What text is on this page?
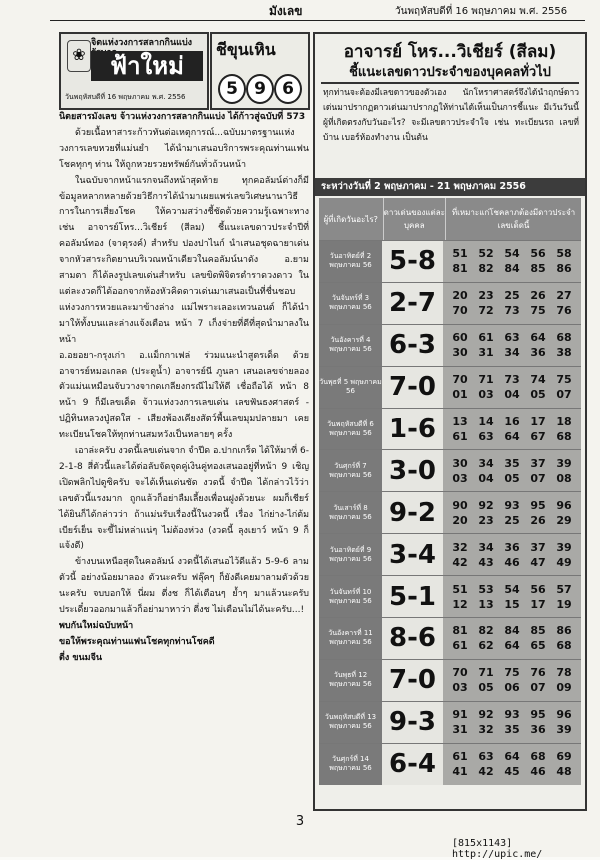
มังเลข	วันพฤหัสบดีที่ 16 พฤษภาคม พ.ศ. 2556
❀
จิตแห่งวงการสลากกินแบ่ง
ฟ้าใหม่
วันพฤหัสบดีที่ 16 พฤษภาคม พ.ศ. 2556
ชีขุนเหิน
5 9 6

นิตยสารมังเลข จ้าวแห่งวงการสลากกินแบ่ง ได้ก้าวสู่ฉบับที่ 573

ด้วยเนื้อหาสาระก้าวทันต่อเหตุการณ์...ฉบับมาตรฐานแห่งวงการเลขหวยที่แม่นยำ ได้นำมาเสนอบริการพระคุณท่านแฟนโชคทุกๆ ท่าน ให้ถูกหวยรวยทรัพย์กันทั่วถ้วนหน้า

ในฉบับจากหน้าแรกจนถึงหน้าสุดท้าย ทุกคอลัมน์ต่างก็มีข้อมูลหลากหลายด้วยวิธีการได้นำมาเผยแพร่เลขวิเศษนานาวิธีการในการเสี่ยงโชค ให้ความสว่างชี้ชัดด้วยความรู้เฉพาะทาง เช่น อาจารย์โหร...วิเชียร์ (สีลม) ชี้แนะเลขดาวประจำปีที่ คอลัมน์ทอง (จาตุรงค์) สำหรับ ปองปาไนก์ นำเสนอชุดฉายาเด่น จากหัวสาระกิตยานบริเวณหน้าเดียวในคอลัมน์นาดัง อ.ยามสามตา ก็ได้ลงรูปเลขเด่นสำหรับ เลขขิดพิจิตรตำราดวงดาว ในแต่ละงวดก็ได้ออกจากห้องหัวคิดดาวเด่นมาเสนอเป็นที่ชื่นชอบแห่งวงการหวยและมาข้างล่าง แม่ไพราะเลอะเทวนอนต์ ก็ได้นำมาให้ทั้งบนและล่างแจ้งเตือน หน้า 7 เก็งจ่ายที่ดีที่สุดนำมาลงในหน้า

อ.อยอยา-กรุงเก่า อ.แม็กกาเฟล่ ร่วมแนะนำสูตรเด็ด ด้วย อาจารย์หมอเกลด (ประตูน้ำ) อาจารย์นี ภูนลา เสนอเลขจ่ายลองตัวแม่นเหมือนจับวางจากดเกลียงกรณีไม่ให้ดี เชื่อถือได้ หน้า 8 หน้า 9 ก็มีเลขเด็ด จ้าวแห่งวงการเลขเด่น เลขฟันธงศาสตร์ - ปฏิทินหลวงปู่สดใส - เสียงพ้องเคียงสัตว์พื้นเลขมุมปลายมา เคยทะเบียนโชคให้ทุกท่านสมหวังเป็นหลายๆ ครั้ง

เอาล่ะครับ งวดนี้เลขเด่นจาก จำปีด อ.ปากเกร็ด ได้ให้มาที่ 6-2-1-8 สี่ตัวนี้และได้ต่อลับจัดจุดคู่เงินคู่ทองเสนออยู่ที่หน้า 9 เชิญเปิดพลิกไปดูซิครับ จะได้เห็นเด่นชัด งวดนี้ จำปีด ได้กล่าวไว้ว่าเลขตัวนี้แรงมาก ถูกแล้วก็อย่าลืมเลี้ยงเพื่อนฝูงด้วยนะ ผมก็เชียร์ ได้ยินก็ได้กล่าวว่า ถ้าแม่นรับเรื่องนี้ในงวดนี้ เรื่อง ไก่ย่าง-ไก่ต้ม เบียร์เย็น จะขี้ไม่หล่าแน่ๆ ไม่ต้องห่วง (งวดนี้ ลุงเยาว์ หน้า 9 ก็แจ้งดี)

ข้างบนเหนือสุดในคอลัมน์ งวดนี้ได้เสนอไว้ดีแล้ว 5-9-6 ลามตัวนี้ อย่างน้อยมาลอง ตัวนะครับ ฟลุ๊คๆ ก็ยังดีเคยมาลามตัวด้วยนะครับ จบบอกให้ นี่ผม ตี่งช ก็ได้เตือนๆ ยํ้าๆ มาแล้วนะครับ ประเดี๋ยวออกมาแล้วก็อย่ามาหาว่า ตี่งช ไม่เตือนไม่ได้นะครับ...!

พบกันใหม่ฉบับหน้า

ขอให้พระคุณท่านแฟนโชคทุกท่านโชคดี

ตี่ง ขนมจีน

อาจารย์ โหร...วิเชียร์ (สีลม)
ชี้แนะเลขดาวประจำของบุคคลทั่วไป
ทุกท่านจะต้องมีเลขดาวของตัวเอง นักโหราศาสตร์จึงได้นำฤกษ์ดาวเด่นมาปรากฏดาวเด่นมาปรากฏให้ท่านได้เห็นเป็นการชี้แนะ มีเว้นวันนี้ผู้ที่เกิดตรงกับวันอะไร? จะมีเลขดาวประจำใจ เช่น ทะเบียนรถ เลขที่บ้าน เบอร์ห้องทำงาน เป็นต้น
ระหว่างวันที่ 2 พฤษภาคม - 21 พฤษภาคม 2556
ผู้ที่เกิดวันอะไร?
ดาวเด่นของแต่ละบุคคล
ที่เหมาะแก่โชคลาภต้องมีดาวประจำเลขเด็ดนี้
วันอาทิตย์ที่ 2 พฤษภาคม 56 5-8	51 52 54 56 58
81 82 84 85 86
วันจันทร์ที่ 3 พฤษภาคม 56 2-7	20 23 25 26 27
70 72 73 75 76
วันอังคารที่ 4 พฤษภาคม 56 6-3	60 61 63 64 68
30 31 34 36 38
วันพุธที่ 5 พฤษภาคม 56	7-0	70 71 73 74 75
01 03 04 05 07
วันพฤหัสบดีที่ 6 พฤษภาคม 56 1-6	13 14 16 17 18
61 63 64 67 68
วันศุกร์ที่ 7 พฤษภาคม 56 3-0	30 34 35 37 39
03 04 05 07 08
วันเสาร์ที่ 8 พฤษภาคม 56 9-2	90 92 93 95 96
20 23 25 26 29
วันอาทิตย์ที่ 9 พฤษภาคม 56 3-4	32 34 36 37 39
42 43 46 47 49
วันจันทร์ที่ 10 พฤษภาคม 56 5-1	51 53 54 56 57
12 13 15 17 19
วันอังคารที่ 11 พฤษภาคม 56 8-6	81 82 84 85 86
61 62 64 65 68
วันพุธที่ 12 พฤษภาคม 56 7-0	70 71 75 76 78
03 05 06 07 09
วันพฤหัสบดีที่ 13 พฤษภาคม 56 9-3	91 92 93 95 96
31 32 35 36 39
วันศุกร์ที่ 14 พฤษภาคม 56 6-4	61 63 64 68 69
41 42 45 46 48
3
[815x1143] http://upic.me/
